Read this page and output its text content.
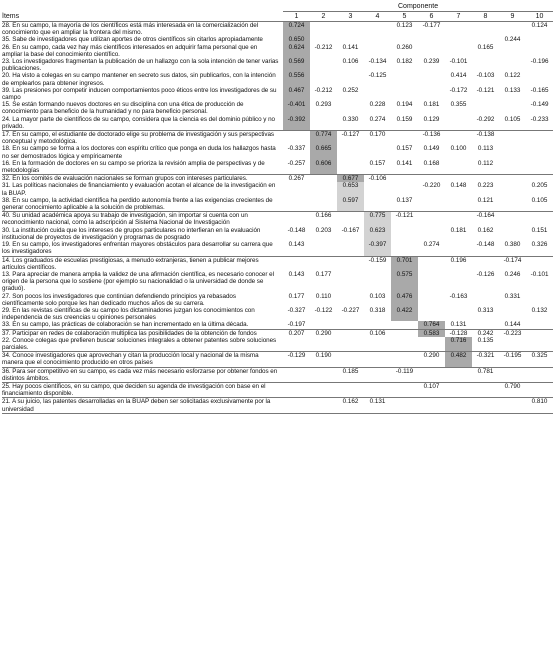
	Componente									
Ítems	1	2	3	4	5	6	7	8	9	10
28. En su campo, la mayoría de los científicos está más interesada en la comercialización del conocimiento que en ampliar la frontera del mismo.	0.724				0.123	-0.177				0.124
35. Sabe de investigadores que utilizan aportes de otros científicos sin citarlos apropiadamente	0.650								0.244	
26. En su campo, cada vez hay más científicos interesados en adquirir fama personal que en ampliar la base del conocimiento científico.	0.624	-0.212	0.141		0.260			0.165		
23. Los investigadores fragmentan la publicación de un hallazgo con la sola intención de tener varias publicaciones.	0.569		0.106	-0.134	0.182	0.239	-0.101			-0.196
20. Ha visto a colegas en su campo mantener en secreto sus datos, sin publicarlos, con la intención de emplearlos para obtener ingresos.	0.556			-0.125			0.414	-0.103	0.122	
39. Las presiones por competir inducen comportamientos poco éticos entre los investigadores de su campo	0.467	-0.212	0.252				-0.172	-0.121	0.133	-0.165
15. Se están formando nuevos doctores en su disciplina con una ética de producción de conocimiento para beneficio de la humanidad y no para beneficio personal.	-0.401	0.293		0.228	0.194	0.181	0.355			-0.149
24. La mayor parte de científicos de su campo, considera que la ciencia es del dominio público y no privado.	-0.392		0.330	0.274	0.159	0.129		-0.292	0.105	-0.233
17. En su campo, el estudiante de doctorado elige su problema de investigación y sus perspectivas conceptual y metodológica.		0.774	-0.127	0.170		-0.136		-0.138		
18. En su campo se forma a los doctores con espíritu crítico que ponga en duda los hallazgos hasta no ser demostrados lógica y empíricamente	-0.337	0.665			0.157	0.149	0.100	0.113		
16. En la formación de doctores en su campo se prioriza la revisión amplia de perspectivas y de metodologías	-0.257	0.606		0.157	0.141	0.168		0.112		
32. En los comités de evaluación nacionales se forman grupos con intereses particulares.	0.267		0.677	-0.106						
31. Las políticas nacionales de financiamiento y evaluación acotan el alcance de la investigación en la BUAP.			0.653			-0.220	0.148	0.223		0.205
38. En su campo, la actividad científica ha perdido autonomía frente a las exigencias crecientes de generar conocimiento aplicable a la solución de problemas.			0.597		0.137			0.121		0.105
40. Su unidad académica apoya su trabajo de investigación, sin importar si cuenta con un reconocimiento nacional, como la adscripción al Sistema Nacional de Investigación		0.166		0.775	-0.121			-0.164		
30. La institución cuida que los intereses de grupos particulares no interfieran en la evaluación institucional de proyectos de investigación y programas de posgrado	-0.148	0.203	-0.167	0.623			0.181	0.162		0.151
19. En su campo, los investigadores enfrentan mayores obstáculos para desarrollar su carrera que los investigadores	0.143			-0.397		0.274		-0.148	0.380	0.326
14. Los graduados de escuelas prestigiosas, a menudo extranjeras, tienen a publicar mejores artículos científicos.				-0.159	0.701		0.196		-0.174	
13. Para apreciar de manera amplia la validez de una afirmación científica, es necesario conocer el origen de la persona que lo sostiene (por ejemplo su nacionalidad o la universidad de donde se graduó).	0.143	0.177			0.575			-0.126	0.246	-0.101
27. Son pocos los investigadores que continúan defendiendo principios ya rebasados científicamente solo porque les han dedicado muchos años de su carrera.	0.177	0.110		0.103	0.476		-0.163		0.331	
29. En las revistas científicas de su campo los dictaminadores juzgan los conocimientos con independencia de sus creencias u opiniones personales	-0.327	-0.122	-0.227	0.318	0.422			0.313		0.132
33. En su campo, las prácticas de colaboración se han incrementado en la última década.	-0.197					0.764	0.131		0.144	
37. Participar en redes de colaboración multiplica las posibilidades de la obtención de fondos	0.207	0.290		0.106		0.583	-0.128	0.242	-0.223	
22. Conoce colegas que prefieren buscar soluciones integrales a obtener patentes sobre soluciones parciales.							0.716	0.135		
34. Conoce investigadores que aprovechan y citan la producción local y nacional de la misma manera que el conocimiento producido en otros países	-0.129	0.190				0.290	0.482	-0.321	-0.195	0.325
36. Para ser competitivo en su campo, es cada vez más necesario esforzarse por obtener fondos en distintos ámbitos.			0.185		-0.119			0.781		
25. Hay pocos científicos, en su campo, que deciden su agenda de investigación con base en el financiamiento disponible.						0.107			0.790	
21. A su juicio, las patentes desarrolladas en la BUAP deben ser solicitadas exclusivamente por la universidad			0.162	0.131						0.810
